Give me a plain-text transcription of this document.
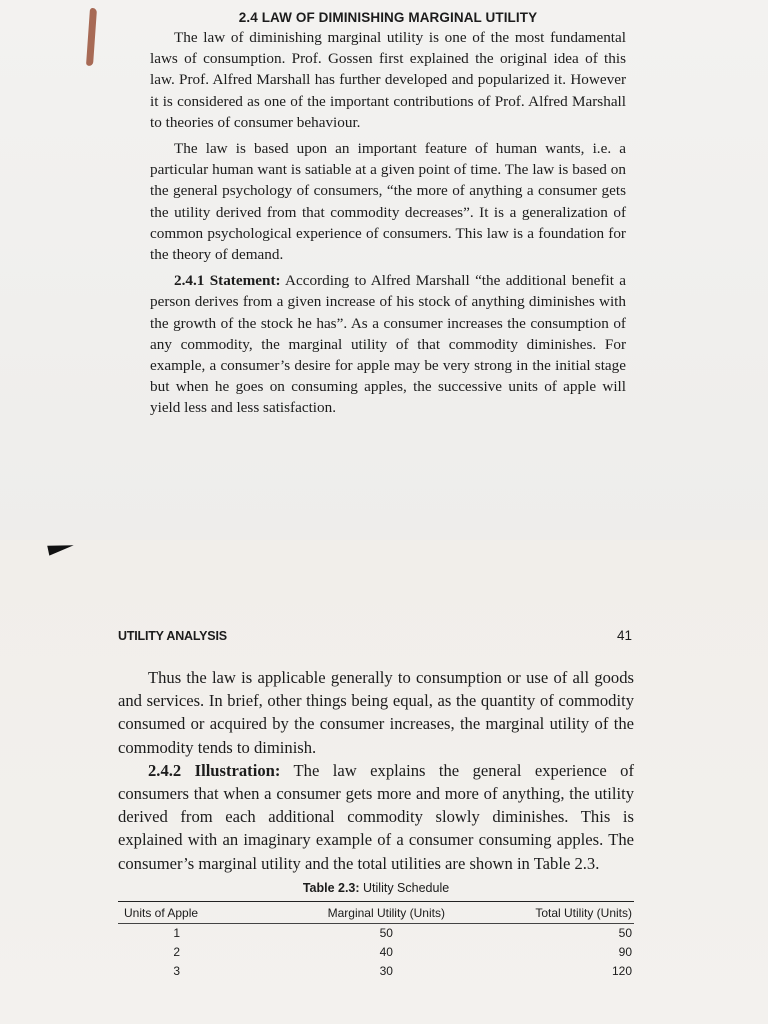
2.4 LAW OF DIMINISHING MARGINAL UTILITY

The law of diminishing marginal utility is one of the most fundamental laws of consumption. Prof. Gossen first explained the original idea of this law. Prof. Alfred Marshall has further developed and popularized it. However it is considered as one of the important contributions of Prof. Alfred Marshall to theories of consumer behaviour.

The law is based upon an important feature of human wants, i.e. a particular human want is satiable at a given point of time. The law is based on the general psychology of consumers, “the more of anything a consumer gets the utility derived from that commodity decreases”. It is a generalization of common psychological experience of consumers. This law is a foundation for the theory of demand.

2.4.1 Statement: According to Alfred Marshall “the additional benefit a person derives from a given increase of his stock of anything diminishes with the growth of the stock he has”. As a consumer increases the consumption of any commodity, the marginal utility of that commodity diminishes. For example, a consumer’s desire for apple may be very strong in the initial stage but when he goes on consuming apples, the successive units of apple will yield less and less satisfaction.

UTILITY ANALYSIS	41

Thus the law is applicable generally to consumption or use of all goods and services. In brief, other things being equal, as the quantity of commodity consumed or acquired by the consumer increases, the marginal utility of the commodity tends to diminish.

2.4.2 Illustration: The law explains the general experience of consumers that when a consumer gets more and more of anything, the utility derived from each additional commodity slowly diminishes. This is explained with an imaginary example of a consumer consuming apples. The consumer’s marginal utility and the total utilities are shown in Table 2.3.

Table 2.3: Utility Schedule
Units of Apple	Marginal Utility (Units)	Total Utility (Units)
1	50	50
2	40	90
3	30	120
